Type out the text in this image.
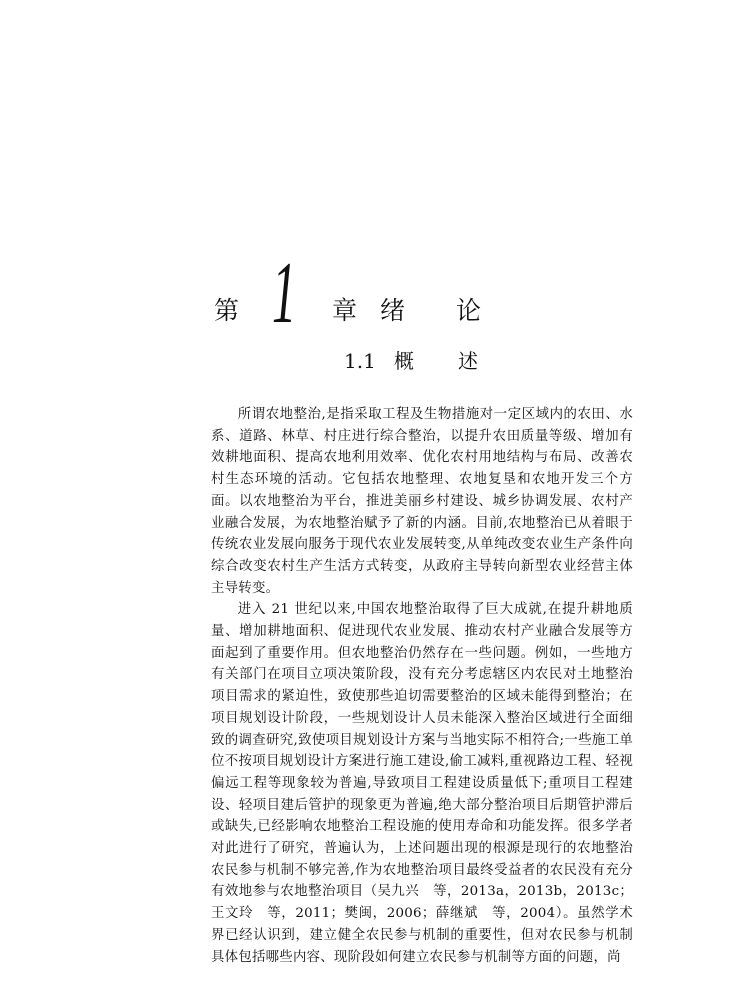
第 1 章 绪 论
1.1 概 述

所谓农地整治,是指采取工程及生物措施对一定区域内的农田、水系、道路、林草、村庄进行综合整治，以提升农田质量等级、增加有效耕地面积、提高农地利用效率、优化农村用地结构与布局、改善农村生态环境的活动。它包括农地整理、农地复垦和农地开发三个方面。以农地整治为平台，推进美丽乡村建设、城乡协调发展、农村产业融合发展，为农地整治赋予了新的内涵。目前,农地整治已从着眼于传统农业发展向服务于现代农业发展转变,从单纯改变农业生产条件向综合改变农村生产生活方式转变，从政府主导转向新型农业经营主体主导转变。

进入 21 世纪以来,中国农地整治取得了巨大成就,在提升耕地质量、增加耕地面积、促进现代农业发展、推动农村产业融合发展等方面起到了重要作用。但农地整治仍然存在一些问题。例如，一些地方有关部门在项目立项决策阶段，没有充分考虑辖区内农民对土地整治项目需求的紧迫性，致使那些迫切需要整治的区域未能得到整治；在项目规划设计阶段，一些规划设计人员未能深入整治区域进行全面细致的调查研究,致使项目规划设计方案与当地实际不相符合;一些施工单位不按项目规划设计方案进行施工建设,偷工减料,重视路边工程、轻视偏远工程等现象较为普遍,导致项目工程建设质量低下;重项目工程建设、轻项目建后管护的现象更为普遍,绝大部分整治项目后期管护滞后或缺失,已经影响农地整治工程设施的使用寿命和功能发挥。很多学者对此进行了研究，普遍认为，上述问题出现的根源是现行的农地整治农民参与机制不够完善,作为农地整治项目最终受益者的农民没有充分有效地参与农地整治项目（吴九兴　等，2013a，2013b，2013c；王文玲　等，2011；樊闽，2006；薛继斌　等，2004）。虽然学术界已经认识到，建立健全农民参与机制的重要性，但对农民参与机制具体包括哪些内容、现阶段如何建立农民参与机制等方面的问题，尚
